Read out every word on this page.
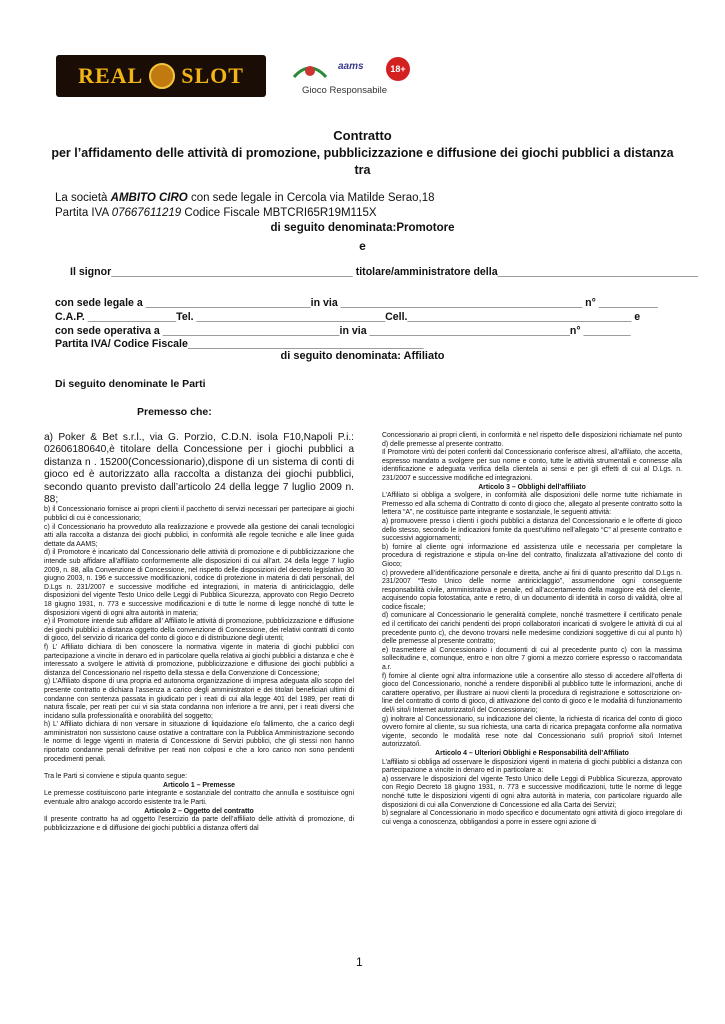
REAL SLOT	aams	18+
Gioco Responsabile
Contratto
per l’affidamento delle attività di promozione, pubblicizzazione e diffusione dei giochi pubblici a distanza
tra
La società AMBITO CIRO con sede legale in Cercola via Matilde Serao,18
Partita IVA 07667611219 Codice Fiscale MBTCRI65R19M115X
di seguito denominata:Promotore
e
Il signor_________________________________________ titolare/amministratore della__________________________________
con sede legale a ____________________________in via _________________________________________ n° __________
C.A.P. _______________Tel. ________________________________Cell.______________________________________ e
con sede operativa a ______________________________in via __________________________________n° ________
Partita IVA/ Codice Fiscale________________________________________
di seguito denominata: Affiliato
Di seguito denominate le Parti
Premesso che:

a) Poker & Bet s.r.l., via G. Porzio, C.D.N. isola F10,Napoli P.i.: 02606180640,è titolare della Concessione per i giochi pubblici a distanza n . 15200(Concessionario),dispone di un sistema di conti di gioco ed è autorizzato alla raccolta a distanza dei giochi pubblici, secondo quanto previsto dall’articolo 24 della legge 7 luglio 2009 n. 88;

b) il Concessionario fornisce ai propri clienti il pacchetto di servizi necessari per partecipare ai giochi pubblici di cui è concessionario;

c) il Concessionario ha provveduto alla realizzazione e provvede alla gestione dei canali tecnologici atti alla raccolta a distanza dei giochi pubblici, in conformità alle regole tecniche e alle linee guida dettate da AAMS;

d) il Promotore è incaricato dal Concessionario delle attività di promozione e di pubblicizzazione che intende sub affidare all’affiliato conformemente alle disposizioni di cui all’art. 24 della legge 7 luglio 2009, n. 88, alla Convenzione di Concessione, nel rispetto delle disposizioni del decreto legislativo 30 giugno 2003, n. 196 e successive modificazioni, codice di protezione in materia di dati personali, del D.Lgs n. 231/2007 e successive modifiche ed integrazioni, in materia di antiriciclaggio, delle disposizioni del vigente Testo Unico delle Leggi di Pubblica Sicurezza, approvato con Regio Decreto 18 giugno 1931, n. 773 e successive modificazioni e di tutte le norme di legge nonché di tutte le disposizioni vigenti di ogni altra autorità in materia;

e) il Promotore intende sub affidare all’ Affiliato le attività di promozione, pubblicizzazione e diffusione dei giochi pubblici a distanza oggetto della convenzione di Concessione, dei relativi contratti di conto di gioco, del servizio di ricarica del conto di gioco e di distribuzione degli utenti;

f) L’ Affiliato dichiara di ben conoscere la normativa vigente in materia di giochi pubblici con partecipazione a vincite in denaro ed in particolare quella relativa ai giochi pubblici a distanza e che è interessato a svolgere le attività di promozione, pubblicizzazione e diffusione dei giochi pubblici a distanza del Concessionario nel rispetto della stessa e della Convenzione di Concessione;

g) L’Affiliato dispone di una propria ed autonoma organizzazione di impresa adeguata allo scopo del presente contratto e dichiara l’assenza a carico degli amministratori e dei titolari beneficiari ultimi di condanne con sentenza passata in giudicato per i reati di cui alla legge 401 del 1989, per reati di natura fiscale, per reati per cui vi sia stata condanna non inferiore a tre anni, per i reati diversi che incidano sulla professionalità e onorabilità del soggetto;

h) L’ Affiliato dichiara di non versare in situazione di liquidazione e/o fallimento, che a carico degli amministratori non sussistono cause ostative a contrattare con la Pubblica Amministrazione secondo le norme di legge vigenti in materia di Concessione di Servizi pubblici, che gli stessi non hanno riportato condanne penali definitive per reati non colposi e che a loro carico non sono pendenti procedimenti penali.

Tra le Parti si conviene e stipula quanto segue:

Articolo 1 – Premesse

Le premesse costituiscono parte integrante e sostanziale del contratto che annulla e sostituisce ogni eventuale altro analogo accordo esistente tra le Parti.

Articolo 2 – Oggetto del contratto

Il presente contratto ha ad oggetto l’esercizio da parte dell’affiliato delle attività di promozione, di pubblicizzazione e di diffusione dei giochi pubblici a distanza offerti dal

Concessionario ai propri clienti, in conformità e nel rispetto delle disposizioni richiamate nel punto d) delle premesse al presente contratto.

Il Promotore virtù dei poteri conferiti dal Concessionario conferisce altresì, all’affiliato, che accetta, espresso mandato a svolgere per suo nome e conto, tutte le attività strumentali e connesse alla identificazione e adeguata verifica della clientela ai sensi e per gli effetti di cui al D.Lgs. n. 231/2007 e successive modifiche ed integrazioni.

Articolo 3 – Obblighi dell’affiliato

L’Affiliato si obbliga a svolgere, in conformità alle disposizioni delle norme tutte richiamate in Premesso ed alla schema di Contratto di conto di gioco che, allegato al presente contratto sotto la lettera “A”, ne costituisce parte integrante e sostanziale, le seguenti attività:

a) promuovere presso i clienti i giochi pubblici a distanza del Concessionario e le offerte di gioco dello stesso, secondo le indicazioni fornite da quest’ultimo nell’allegato “C” al presente contratto e successivi aggiornamenti;

b) fornire al cliente ogni informazione ed assistenza utile e necessaria per completare la procedura di registrazione e stipula on-line del contratto, finalizzata all’attivazione del conto di Gioco;

c) provvedere all’identificazione personale e diretta, anche ai fini di quanto prescritto dal D.Lgs n. 231/2007 “Testo Unico delle norme antiriciclaggio”, assumendone ogni conseguente responsabilità civile, amministrativa e penale, ed all’accertamento della maggiore età del cliente, acquisendo copia fotostatica, ante e retro, di un documento di identità in corso di validità, oltre al codice fiscale;

d) comunicare al Concessionario le generalità complete, nonché trasmettere il certificato penale ed il certificato dei carichi pendenti dei propri collaboratori incaricati di svolgere le attività di cui al precedente punto c), che devono trovarsi nelle medesime condizioni soggettive di cui al punto h) delle premesse al presente contratto;

e) trasmettere al Concessionario i documenti di cui al precedente punto c) con la massima sollecitudine e, comunque, entro e non oltre 7 giorni a mezzo corriere espresso o raccomandata a.r.

f) fornire al cliente ogni altra informazione utile a consentire allo stesso di accedere all’offerta di gioco del Concessionario, nonché a rendere disponibili al pubblico tutte le informazioni, anche di carattere operativo, per illustrare ai nuovi clienti la procedura di registrazione e sottoscrizione on-line del contratto di conto di gioco, di attivazione del conto di gioco e le modalità di funzionamento del/i sito/i Internet autorizzato/i del Concessionario;

g) inoltrare al Concessionario, su indicazione del cliente, la richiesta di ricarica del conto di gioco ovvero fornire al cliente, su sua richiesta, una carta di ricarica prepagata conforme alla normativa vigente, secondo le modalità rese note dal Concessionario sul/i proprio/i sito/i Internet autorizzato/i.

Articolo 4 – Ulteriori Obblighi e Responsabilità dell’Affiliato

L’affiliato si obbliga ad osservare le disposizioni vigenti in materia di giochi pubblici a distanza con partecipazione a vincite in denaro ed in particolare a:

a) osservare le disposizioni del vigente Testo Unico delle Leggi di Pubblica Sicurezza, approvato con Regio Decreto 18 giugno 1931, n. 773 e successive modificazioni, tutte le norme di legge nonché tutte le disposizioni vigenti di ogni altra autorità in materia, con particolare riguardo alle disposizioni di cui alla Convenzione di Concessione ed alla Carta dei Servizi;

b) segnalare al Concessionario in modo specifico e documentato ogni attività di gioco irregolare di cui venga a conoscenza, obbligandosi a porre in essere ogni azione di

1
